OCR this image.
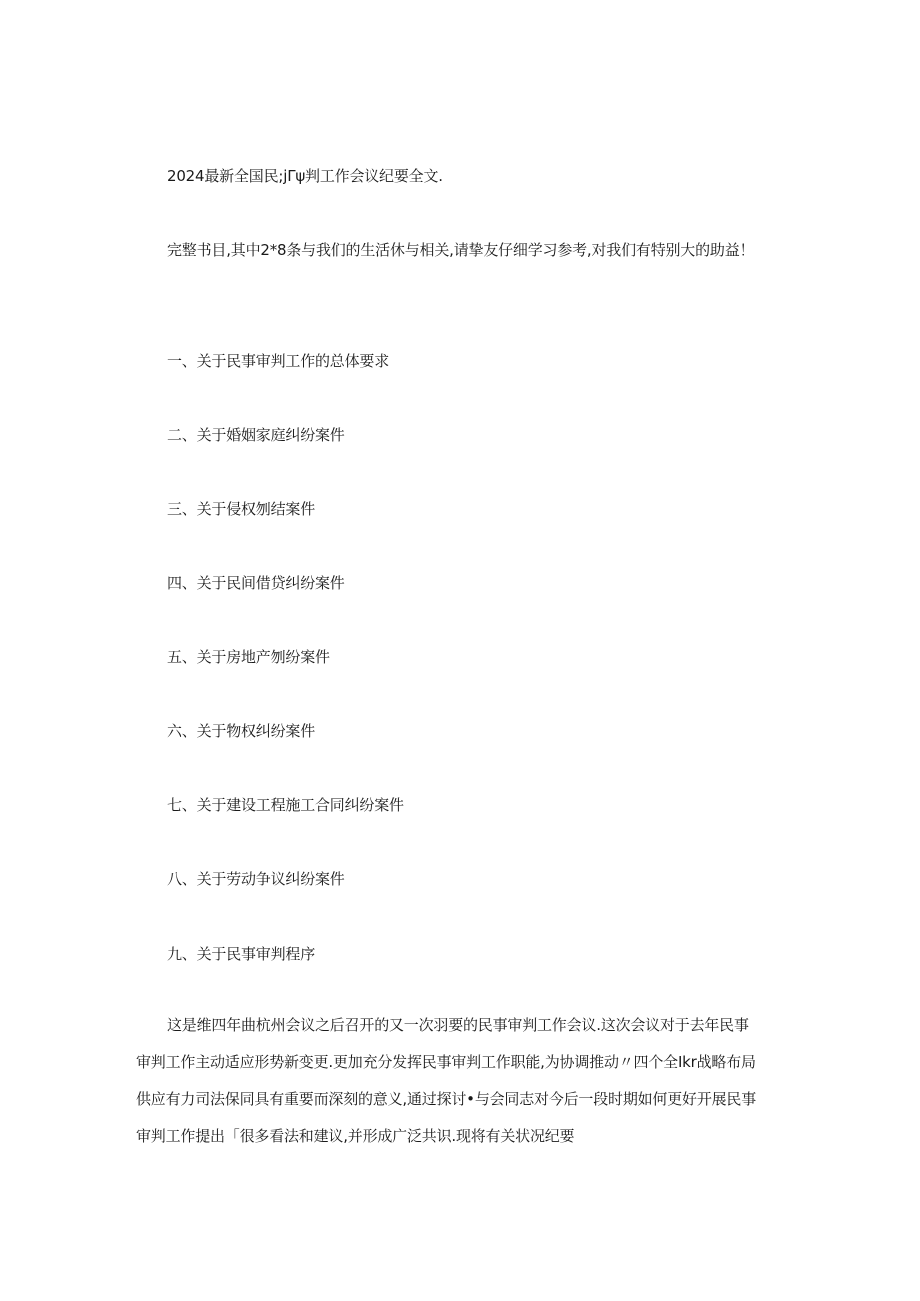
2024最新全国民;jΓψ判工作会议纪要全文.
完整书目,其中2*8条与我们的生活休与相关,请挚友仔细学习参考,对我们有特别大的助益！
一、关于民事审判工作的总体要求
二、关于婚姻家庭纠纷案件
三、关于侵权刎结案件
四、关于民间借贷纠纷案件
五、关于房地产刎纷案件
六、关于物权纠纷案件
七、关于建设工程施工合同纠纷案件
八、关于劳动争议纠纷案件
九、关于民事审判程序
这是维四年曲杭州会议之后召开的又一次羽要的民事审判工作会议.这次会议对于去年民事
审判工作主动适应形势新变更.更加充分发挥民事审判工作职能,为协调推动〃四个全Ikr战略布局
供应有力司法保同具有重要而深刻的意义,通过探讨•与会同志对今后一段时期如何更好开展民事
审判工作提出「很多看法和建议,并形成广泛共识.现将有关状况纪要
